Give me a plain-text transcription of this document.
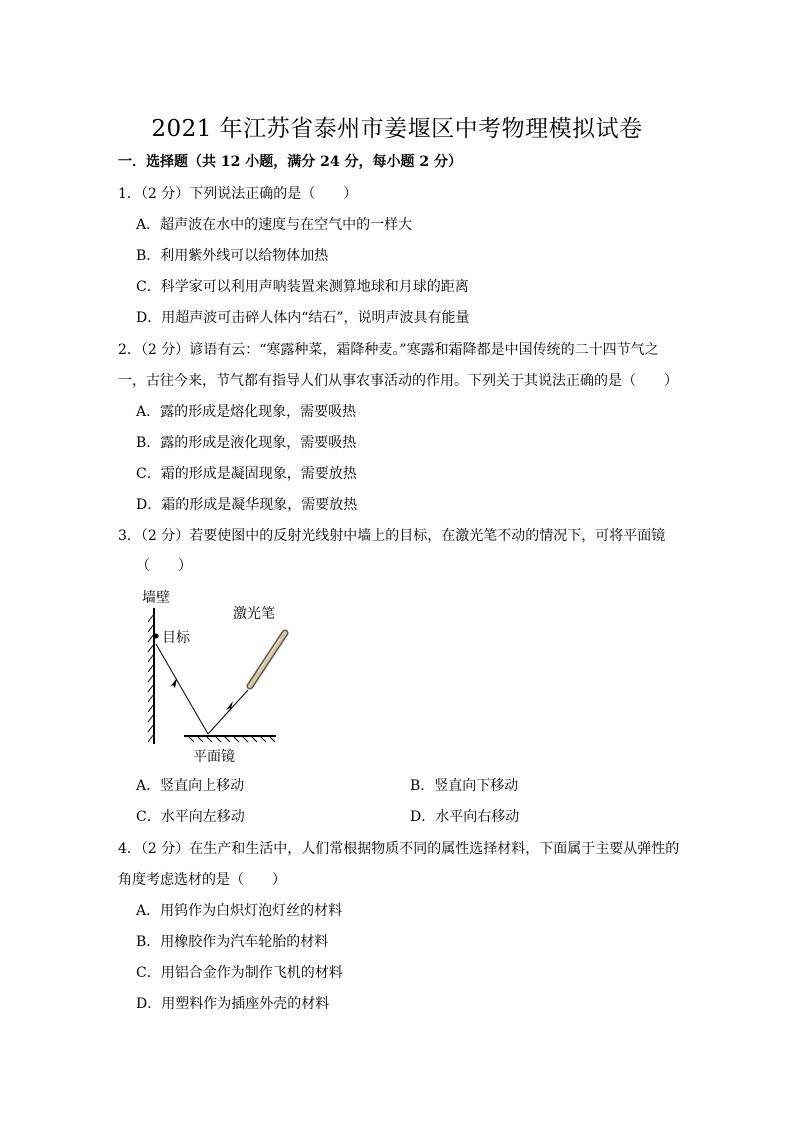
2021 年江苏省泰州市姜堰区中考物理模拟试卷
一．选择题（共 12 小题，满分 24 分，每小题 2 分）
1．（2 分）下列说法正确的是（　　）
A．超声波在水中的速度与在空气中的一样大
B．利用紫外线可以给物体加热
C．科学家可以利用声呐装置来测算地球和月球的距离
D．用超声波可击碎人体内“结石”，说明声波具有能量
2．（2 分）谚语有云：“寒露种菜，霜降种麦。”寒露和霜降都是中国传统的二十四节气之
一，古往今来，节气都有指导人们从事农事活动的作用。下列关于其说法正确的是（　　）
A．露的形成是熔化现象，需要吸热
B．露的形成是液化现象，需要吸热
C．霜的形成是凝固现象，需要放热
D．霜的形成是凝华现象，需要放热
3．（2 分）若要使图中的反射光线射中墙上的目标，在激光笔不动的情况下，可将平面镜
（　　）
墙壁
目标
激光笔
平面镜
A．竖直向上移动	B．竖直向下移动
C．水平向左移动	D．水平向右移动
4．（2 分）在生产和生活中，人们常根据物质不同的属性选择材料，下面属于主要从弹性的
角度考虑选材的是（　　）
A．用钨作为白炽灯泡灯丝的材料
B．用橡胶作为汽车轮胎的材料
C．用铝合金作为制作飞机的材料
D．用塑料作为插座外壳的材料
